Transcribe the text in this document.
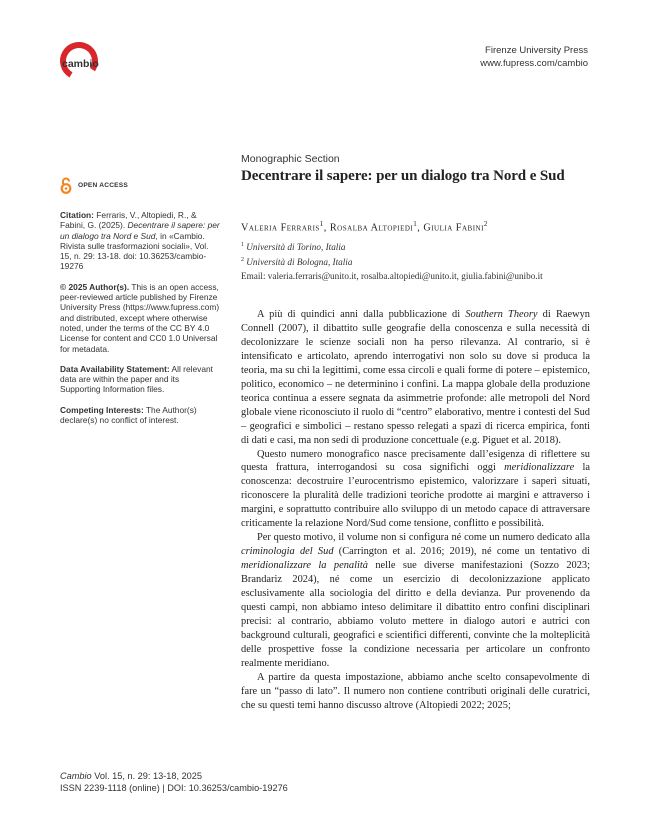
cambio
Firenze University Press
www.fupress.com/cambio
OPEN ACCESS

Citation: Ferraris, V., Altopiedi, R., & Fabini, G. (2025). Decentrare il sapere: per un dialogo tra Nord e Sud, in «Cambio. Rivista sulle trasformazioni sociali», Vol. 15, n. 29: 13-18. doi: 10.36253/cambio-19276

© 2025 Author(s). This is an open access, peer-reviewed article published by Firenze University Press (https://www.fupress.com) and distributed, except where otherwise noted, under the terms of the CC BY 4.0 License for content and CC0 1.0 Universal for metadata.

Data Availability Statement: All relevant data are within the paper and its Supporting Information files.

Competing Interests: The Author(s) declare(s) no conflict of interest.

Monographic Section
Decentrare il sapere: per un dialogo tra Nord e Sud
Valeria Ferraris$^1$, Rosalba Altopiedi$^1$, Giulia Fabini$^2$
$^1$ Università di Torino, Italia
$^2$ Università di Bologna, Italia
Email: valeria.ferraris@unito.it, rosalba.altopiedi@unito.it, giulia.fabini@unibo.it

A più di quindici anni dalla pubblicazione di Southern Theory di Raewyn Connell (2007), il dibattito sulle geografie della conoscenza e sulla necessità di decolonizzare le scienze sociali non ha perso rilevanza. Al contrario, si è intensificato e articolato, aprendo interrogativi non solo su dove si produca la teoria, ma su chi la legittimi, come essa circoli e quali forme di potere – epistemico, politico, economico – ne determinino i confini. La mappa globale della produzione teorica continua a essere segnata da asimmetrie profonde: alle metropoli del Nord globale viene riconosciuto il ruolo di “centro” elaborativo, mentre i contesti del Sud – geografici e simbolici – restano spesso relegati a spazi di ricerca empirica, fonti di dati e casi, ma non sedi di produzione concettuale (e.g. Piguet et al. 2018).

Questo numero monografico nasce precisamente dall’esigenza di riflettere su questa frattura, interrogandosi su cosa significhi oggi meridionalizzare la conoscenza: decostruire l’eurocentrismo epistemico, valorizzare i saperi situati, riconoscere la pluralità delle tradizioni teoriche prodotte ai margini e attraverso i margini, e soprattutto contribuire allo sviluppo di un metodo capace di attraversare criticamente la relazione Nord/Sud come tensione, conflitto e possibilità.

Per questo motivo, il volume non si configura né come un numero dedicato alla criminologia del Sud (Carrington et al. 2016; 2019), né come un tentativo di meridionalizzare la penalità nelle sue diverse manifestazioni (Sozzo 2023; Brandariz 2024), né come un esercizio di decolonizzazione applicato esclusivamente alla sociologia del diritto e della devianza. Pur provenendo da questi campi, non abbiamo inteso delimitare il dibattito entro confini disciplinari precisi: al contrario, abbiamo voluto mettere in dialogo autori e autrici con background culturali, geografici e scientifici differenti, convinte che la molteplicità delle prospettive fosse la condizione necessaria per articolare un confronto realmente meridiano.

A partire da questa impostazione, abbiamo anche scelto consapevolmente di fare un “passo di lato”. Il numero non contiene contributi originali delle curatrici, che su questi temi hanno discusso altrove (Altopiedi 2022; 2025;

Cambio Vol. 15, n. 29: 13-18, 2025
ISSN 2239-1118 (online) | DOI: 10.36253/cambio-19276
